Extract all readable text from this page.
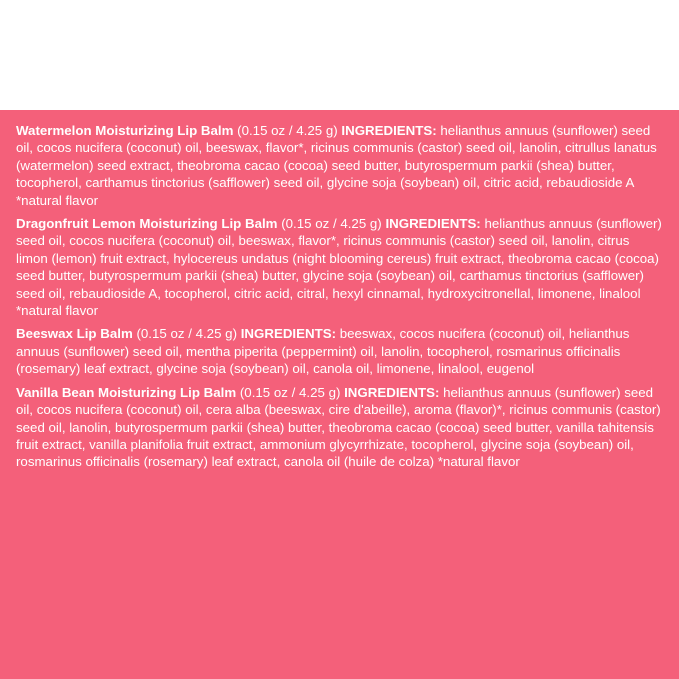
Watermelon Moisturizing Lip Balm (0.15 oz / 4.25 g) INGREDIENTS: helianthus annuus (sunflower) seed oil, cocos nucifera (coconut) oil, beeswax, flavor*, ricinus communis (castor) seed oil, lanolin, citrullus lanatus (watermelon) seed extract, theobroma cacao (cocoa) seed butter, butyrospermum parkii (shea) butter, tocopherol, carthamus tinctorius (safflower) seed oil, glycine soja (soybean) oil, citric acid, rebaudioside A *natural flavor

Dragonfruit Lemon Moisturizing Lip Balm (0.15 oz / 4.25 g) INGREDIENTS: helianthus annuus (sunflower) seed oil, cocos nucifera (coconut) oil, beeswax, flavor*, ricinus communis (castor) seed oil, lanolin, citrus limon (lemon) fruit extract, hylocereus undatus (night blooming cereus) fruit extract, theobroma cacao (cocoa) seed butter, butyrospermum parkii (shea) butter, glycine soja (soybean) oil, carthamus tinctorius (safflower) seed oil, rebaudioside A, tocopherol, citric acid, citral, hexyl cinnamal, hydroxycitronellal, limonene, linalool *natural flavor

Beeswax Lip Balm (0.15 oz / 4.25 g) INGREDIENTS: beeswax, cocos nucifera (coconut) oil, helianthus annuus (sunflower) seed oil, mentha piperita (peppermint) oil, lanolin, tocopherol, rosmarinus officinalis (rosemary) leaf extract, glycine soja (soybean) oil, canola oil, limonene, linalool, eugenol

Vanilla Bean Moisturizing Lip Balm (0.15 oz / 4.25 g) INGREDIENTS: helianthus annuus (sunflower) seed oil, cocos nucifera (coconut) oil, cera alba (beeswax, cire d'abeille), aroma (flavor)*, ricinus communis (castor) seed oil, lanolin, butyrospermum parkii (shea) butter, theobroma cacao (cocoa) seed butter, vanilla tahitensis fruit extract, vanilla planifolia fruit extract, ammonium glycyrrhizate, tocopherol, glycine soja (soybean) oil, rosmarinus officinalis (rosemary) leaf extract, canola oil (huile de colza) *natural flavor
